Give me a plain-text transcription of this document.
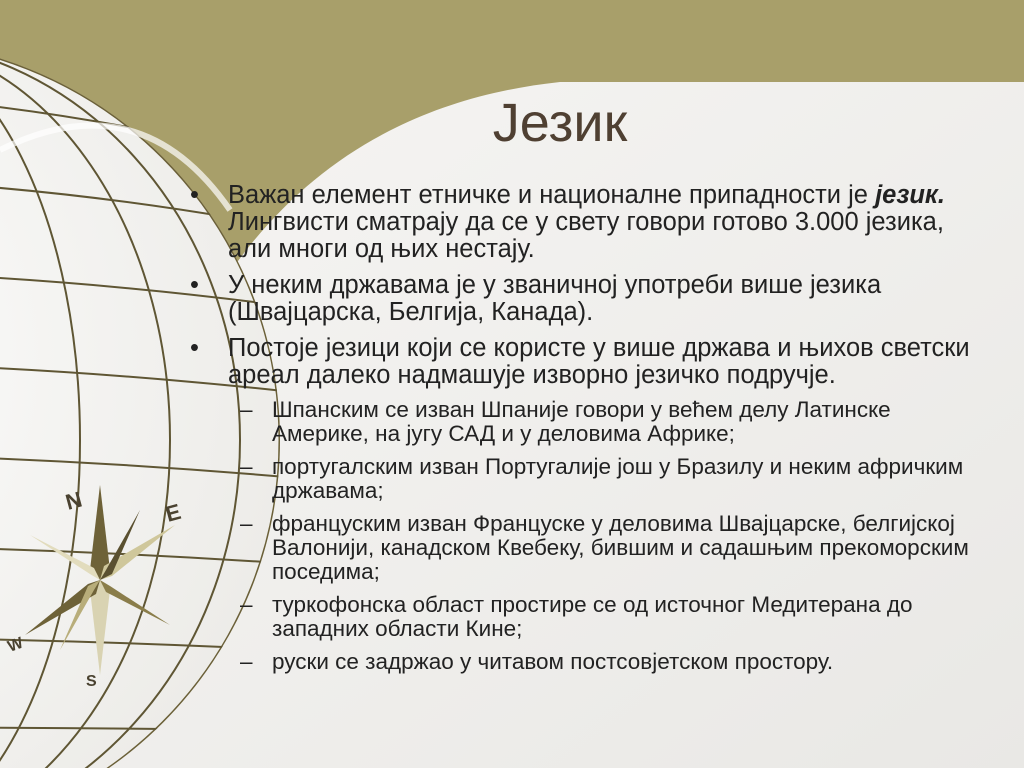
N	E
W
S
Језик
• Важан елемент етничке и националне припадности је језик. Лингвисти сматрају да се у свету говори готово 3.000 језика, али многи од њих нестају.
• У неким државама је у званичној употреби више језика (Швајцарска, Белгија, Канада).
• Постоје језици који се користе у више држава и њихов светски ареал далеко надмашује изворно језичко подручје.
– Шпанским се изван Шпаније говори у већем делу Латинске Америке, на југу САД и у деловима Африке;
– португалским изван Португалије још у Бразилу и неким афричким државама;
– француским изван Француске у деловима Швајцарске, белгијској Валонији, канадском Квебеку, бившим и садашњим прекоморским поседима;
– туркофонска област простире се од источног Медитерана до западних области Кине;
– руски се задржао у читавом постсовјетском простору.
